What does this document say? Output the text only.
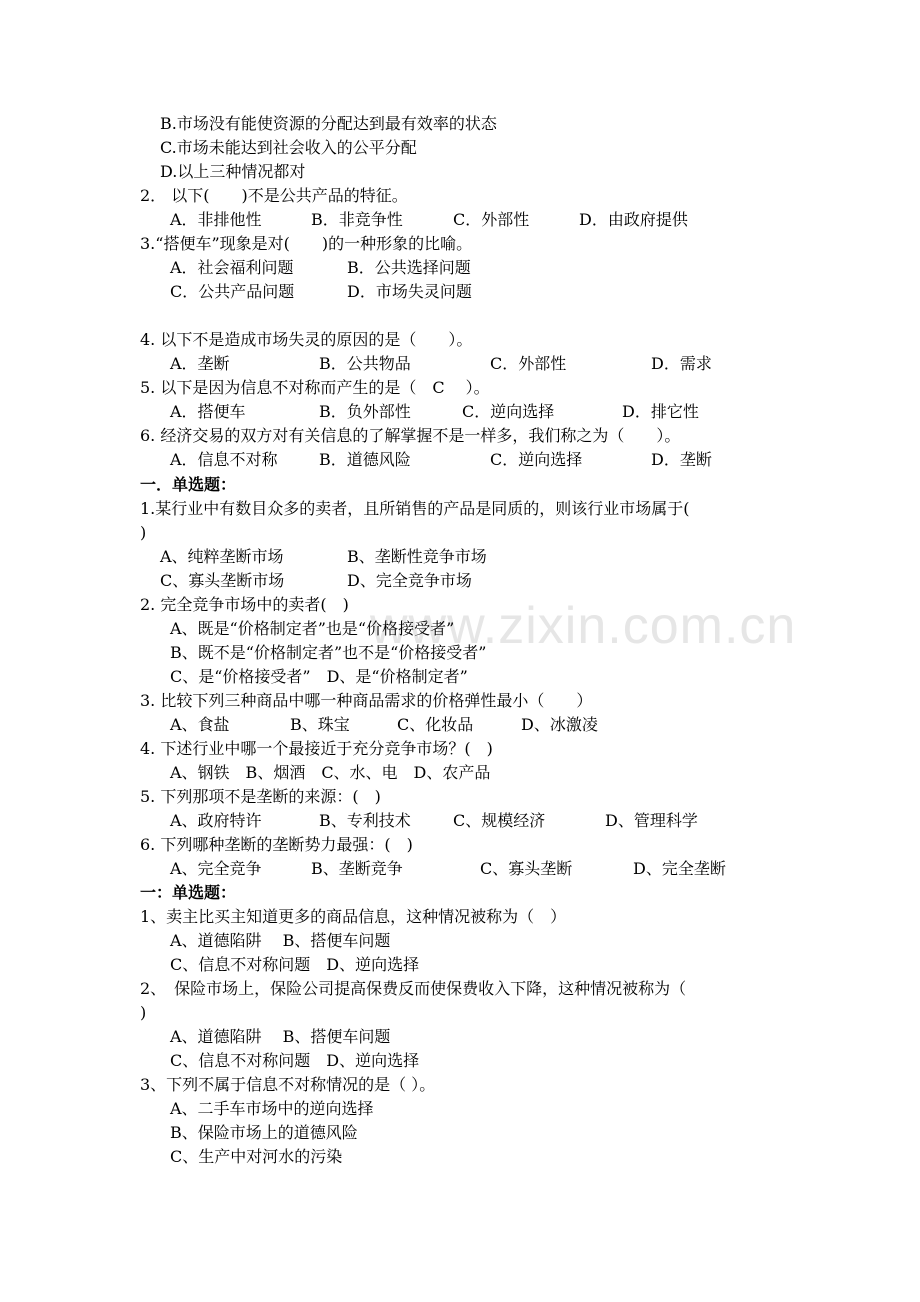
www.zixin.com.cn
B.市场没有能使资源的分配达到最有效率的状态
C.市场未能达到社会收入的公平分配
D.以上三种情况都对
2． 以下(　　)不是公共产品的特征。
A．非排他性	B．非竞争性	C．外部性	D．由政府提供
3.“搭便车”现象是对(　　)的一种形象的比喻。
A．社会福利问题	B．公共选择问题
C．公共产品问题	D．市场失灵问题
4. 以下不是造成市场失灵的原因的是（　　）。
A．垄断	B．公共物品	C．外部性	D．需求
5. 以下是因为信息不对称而产生的是（　C　 ）。
A．搭便车	B．负外部性	C．逆向选择	D．排它性
6. 经济交易的双方对有关信息的了解掌握不是一样多，我们称之为（　　）。
A．信息不对称	B．道德风险	C．逆向选择	D．垄断
一．单选题：
1.某行业中有数目众多的卖者，且所销售的产品是同质的，则该行业市场属于(
)
A、纯粹垄断市场	B、垄断性竞争市场
C、寡头垄断市场	D、完全竞争市场
2. 完全竞争市场中的卖者(　)
A、既是“价格制定者”也是“价格接受者”
B、既不是“价格制定者”也不是“价格接受者”
C、是“价格接受者”　D、是“价格制定者”
3. 比较下列三种商品中哪一种商品需求的价格弹性最小（　　）
A、食盐	B、珠宝	C、化妆品	D、冰激凌
4. 下述行业中哪一个最接近于充分竞争市场？(　)
A、钢铁　B、烟酒　C、水、电　D、农产品
5. 下列那项不是垄断的来源：(　)
A、政府特许	B、专利技术	C、规模经济	D、管理科学
6. 下列哪种垄断的垄断势力最强：(　)
A、完全竞争	B、垄断竞争	C、寡头垄断	D、完全垄断
一：单选题：
1、卖主比买主知道更多的商品信息，这种情况被称为（　）
A、道德陷阱　 B、搭便车问题
C、信息不对称问题　D、逆向选择
2、　保险市场上，保险公司提高保费反而使保费收入下降，这种情况被称为（
)
A、道德陷阱　 B、搭便车问题
C、信息不对称问题　D、逆向选择
3、下列不属于信息不对称情况的是（ ）。
A、二手车市场中的逆向选择
B、保险市场上的道德风险
C、生产中对河水的污染
